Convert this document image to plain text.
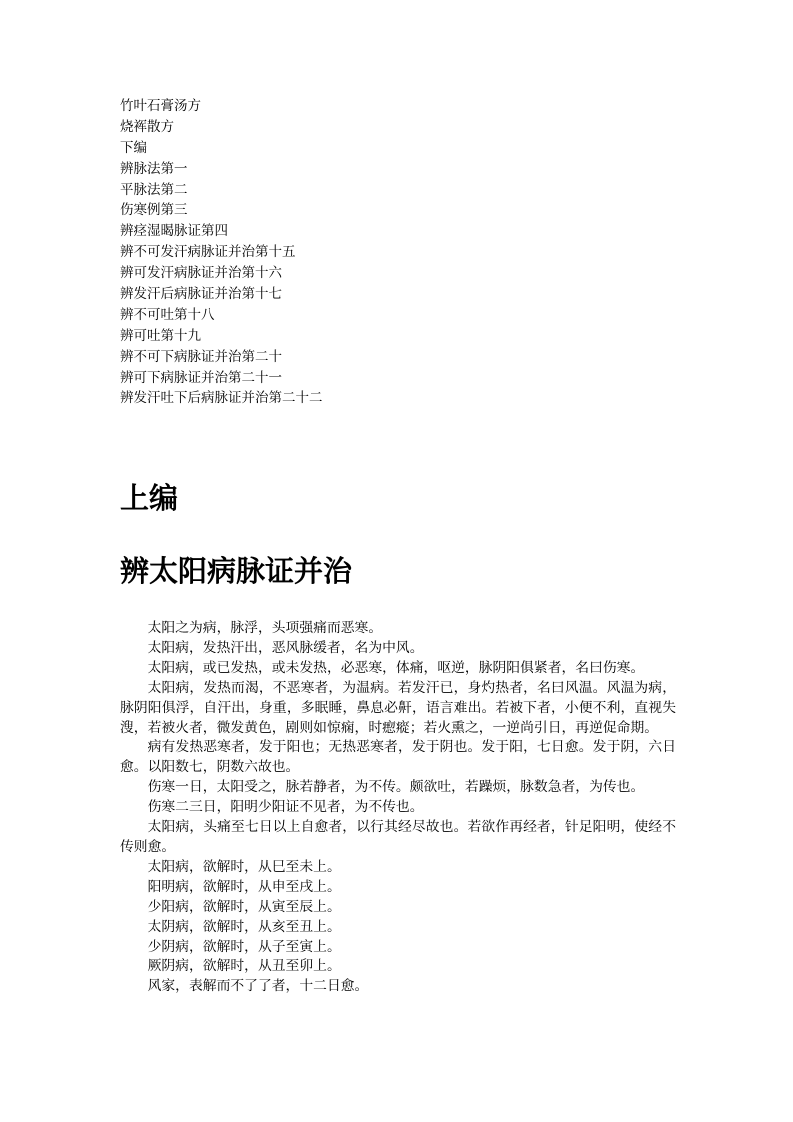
竹叶石膏汤方
烧裈散方
下编
辨脉法第一
平脉法第二
伤寒例第三
辨痉湿暍脉证第四
辨不可发汗病脉证并治第十五
辨可发汗病脉证并治第十六
辨发汗后病脉证并治第十七
辨不可吐第十八
辨可吐第十九
辨不可下病脉证并治第二十
辨可下病脉证并治第二十一
辨发汗吐下后病脉证并治第二十二
上编
辨太阳病脉证并治

太阳之为病，脉浮，头项强痛而恶寒。

太阳病，发热汗出，恶风脉缓者，名为中风。

太阳病，或已发热，或未发热，必恶寒，体痛，呕逆，脉阴阳俱紧者，名曰伤寒。

太阳病，发热而渴，不恶寒者，为温病。若发汗已，身灼热者，名曰风温。风温为病，脉阴阳俱浮，自汗出，身重，多眠睡，鼻息必鼾，语言难出。若被下者，小便不利，直视失溲，若被火者，微发黄色，剧则如惊痫，时瘛瘲；若火熏之，一逆尚引日，再逆促命期。

病有发热恶寒者，发于阳也；无热恶寒者，发于阴也。发于阳，七日愈。发于阴，六日愈。以阳数七，阴数六故也。

伤寒一日，太阳受之，脉若静者，为不传。颇欲吐，若躁烦，脉数急者，为传也。

伤寒二三日，阳明少阳证不见者，为不传也。

太阳病，头痛至七日以上自愈者，以行其经尽故也。若欲作再经者，针足阳明，使经不传则愈。

太阳病，欲解时，从巳至未上。

阳明病，欲解时，从申至戌上。

少阳病，欲解时，从寅至辰上。

太阴病，欲解时，从亥至丑上。

少阴病，欲解时，从子至寅上。

厥阴病，欲解时，从丑至卯上。

风家，表解而不了了者，十二日愈。
